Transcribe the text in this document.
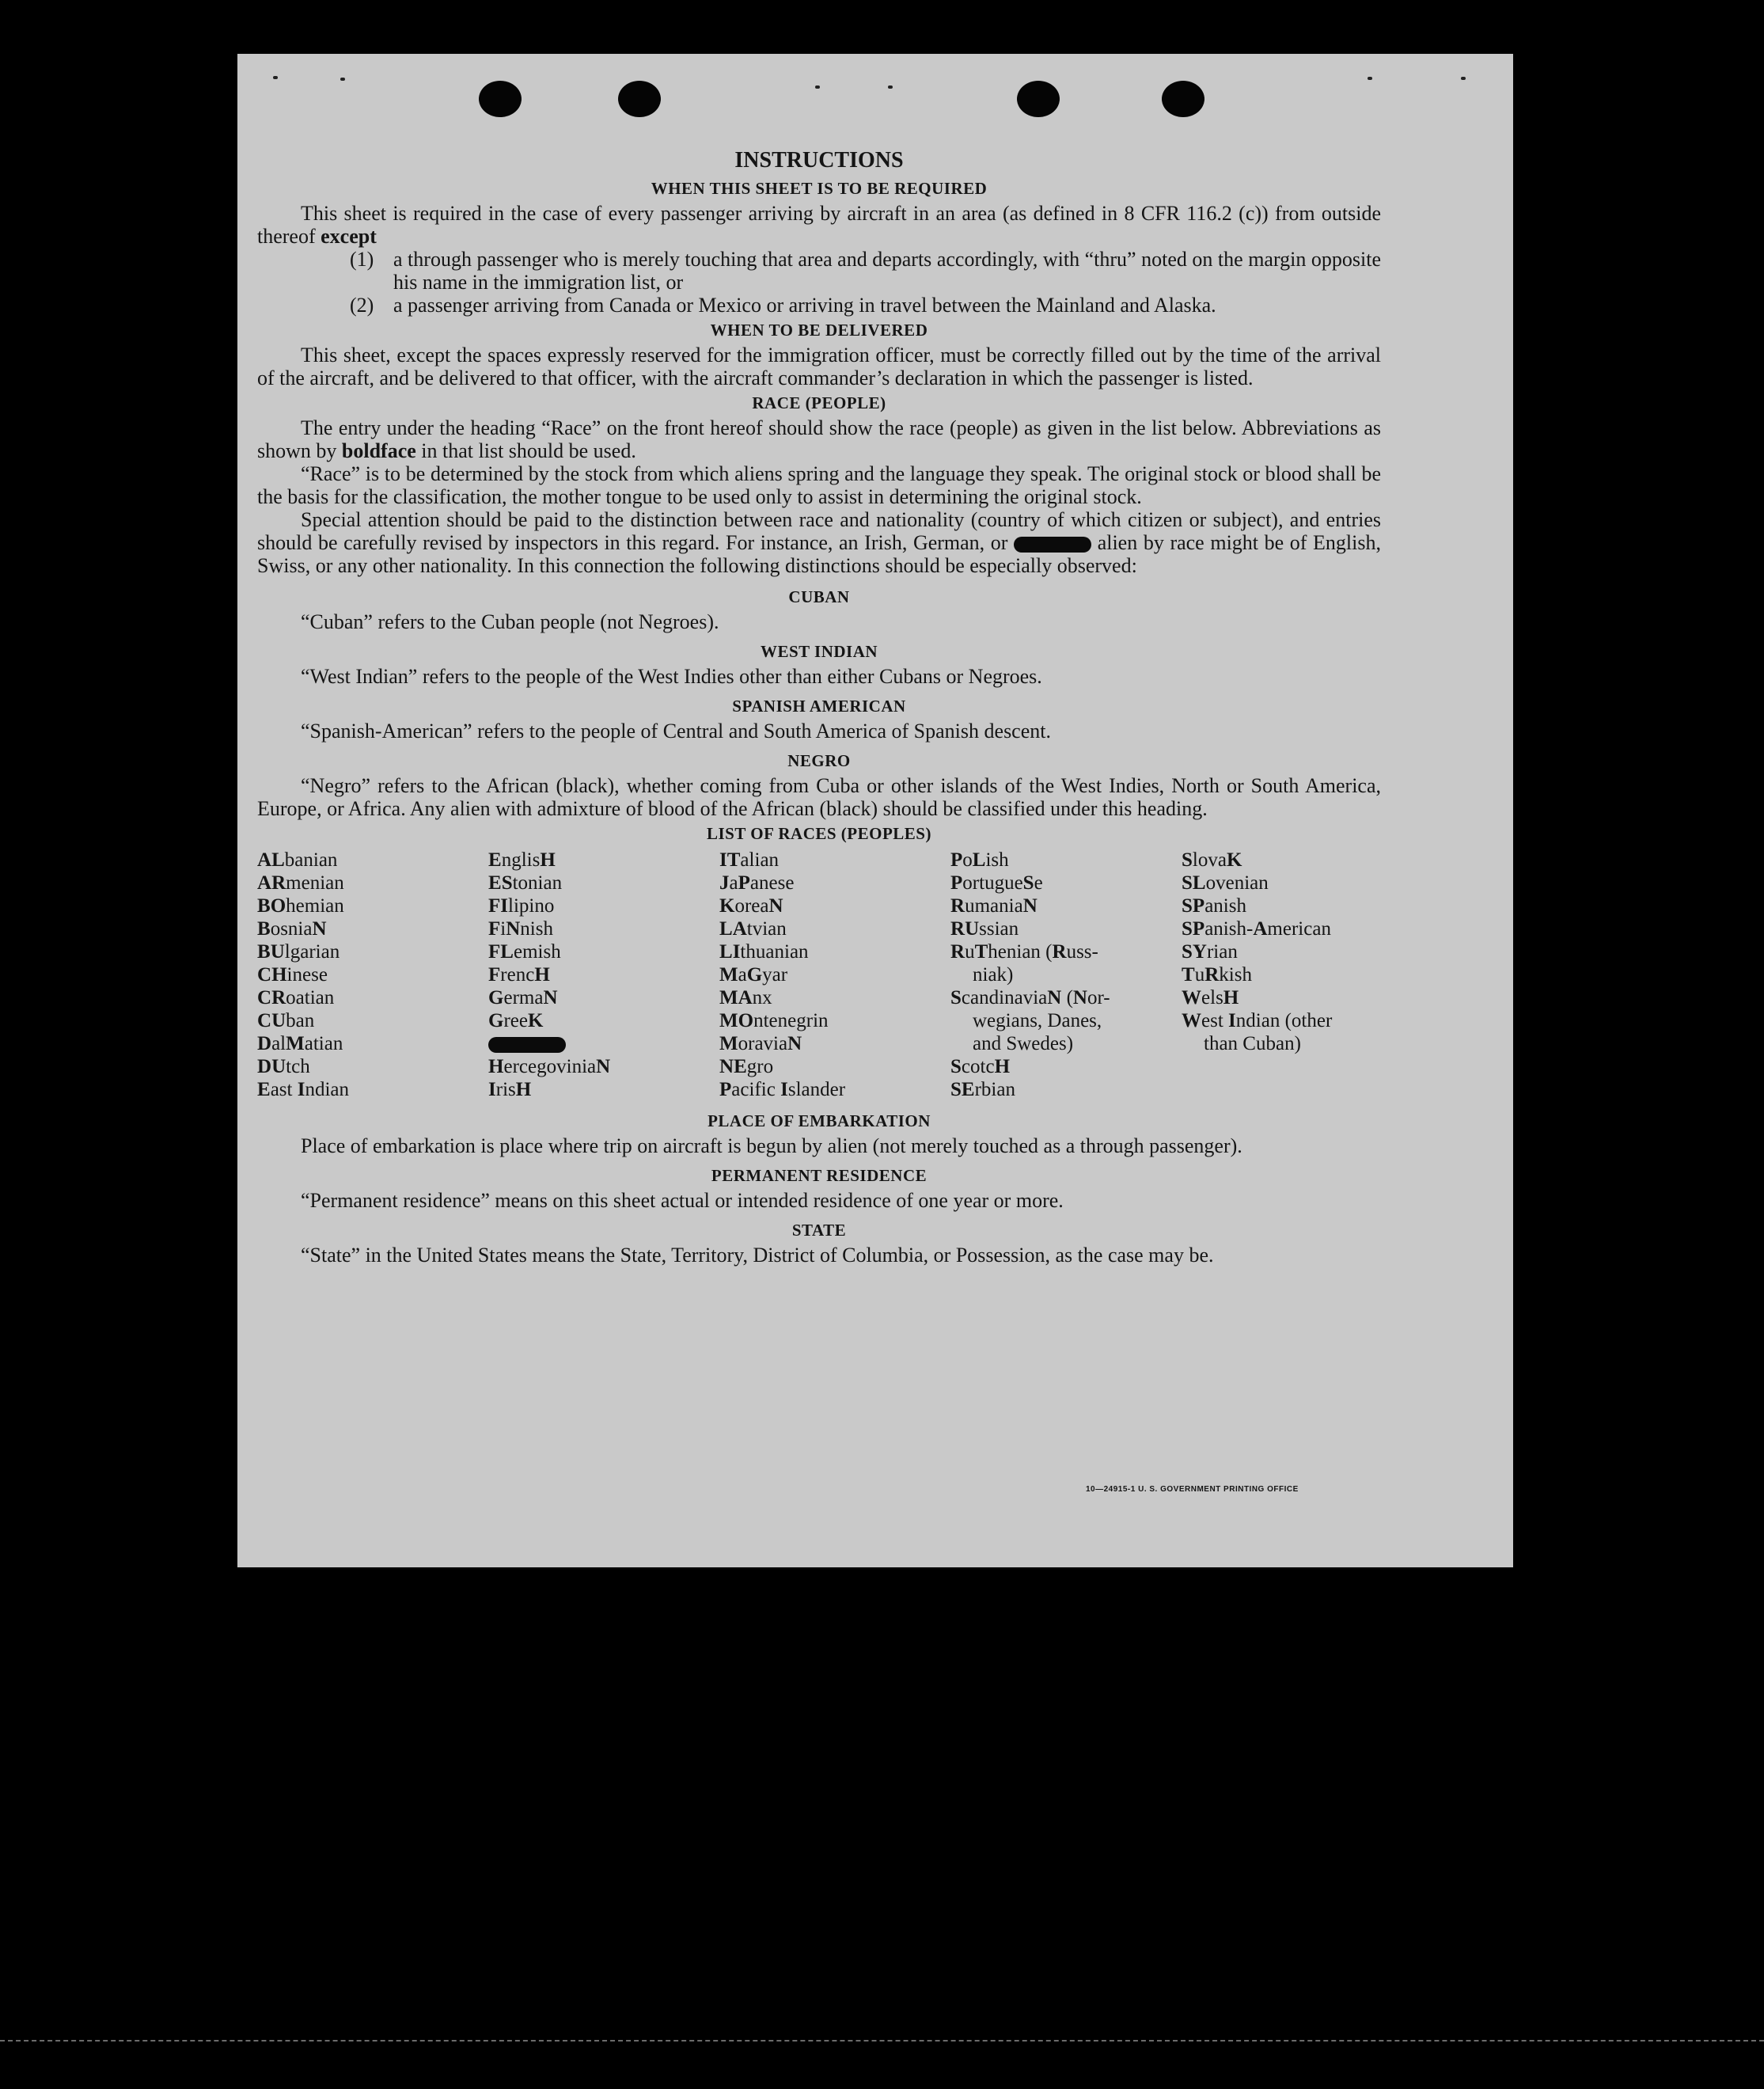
INSTRUCTIONS
WHEN THIS SHEET IS TO BE REQUIRED

This sheet is required in the case of every passenger arriving by aircraft in an area (as defined in 8 CFR 116.2 (c)) from outside thereof except

(1) a through passenger who is merely touching that area and departs accordingly, with “thru” noted on the margin opposite his name in the immigration list, or
(2) a passenger arriving from Canada or Mexico or arriving in travel between the Mainland and Alaska.
WHEN TO BE DELIVERED

This sheet, except the spaces expressly reserved for the immigration officer, must be correctly filled out by the time of the arrival of the aircraft, and be delivered to that officer, with the aircraft commander’s declaration in which the passenger is listed.

RACE (PEOPLE)

The entry under the heading “Race” on the front hereof should show the race (people) as given in the list below. Abbreviations as shown by boldface in that list should be used.

“Race” is to be determined by the stock from which aliens spring and the language they speak. The original stock or blood shall be the basis for the classification, the mother tongue to be used only to assist in determining the original stock.

Special attention should be paid to the distinction between race and nationality (country of which citizen or subject), and entries should be carefully revised by inspectors in this regard. For instance, an Irish, German, or	alien by race might be of English, Swiss, or any other nationality. In this connection the following distinctions should be especially observed:

CUBAN

“Cuban” refers to the Cuban people (not Negroes).

WEST INDIAN

“West Indian” refers to the people of the West Indies other than either Cubans or Negroes.

SPANISH AMERICAN

“Spanish-American” refers to the people of Central and South America of Spanish descent.

NEGRO

“Negro” refers to the African (black), whether coming from Cuba or other islands of the West Indies, North or South America, Europe, or Africa. Any alien with admixture of blood of the African (black) should be classified under this heading.

LIST OF RACES (PEOPLES)
ALbanian
ARmenian
BOhemian
BosniaN
BUlgarian
CHinese
CRoatian
CUban
DalMatian
DUtch
East Indian
EnglisH
EStonian
FIlipino
FiNnish
FLemish
FrencH
GermaN
GreeK
HercegoviniaN
IrisH
ITalian
JaPanese
KoreaN
LAtvian
LIthuanian
MaGyar
MAnx
MOntenegrin
MoraviaN
NEgro
Pacific Islander
PoLish
PortugueSe
RumaniaN
RUssian
RuThenian (Russ-
niak)
ScandinaviaN (Nor-
wegians, Danes,
and Swedes)
ScotcH
SErbian
SlovaK
SLovenian
SPanish
SPanish-American
SYrian
TuRkish
WelsH
West Indian (other
than Cuban)
PLACE OF EMBARKATION

Place of embarkation is place where trip on aircraft is begun by alien (not merely touched as a through passenger).

PERMANENT RESIDENCE

“Permanent residence” means on this sheet actual or intended residence of one year or more.

STATE

“State” in the United States means the State, Territory, District of Columbia, or Possession, as the case may be.

10—24915-1 U. S. GOVERNMENT PRINTING OFFICE
